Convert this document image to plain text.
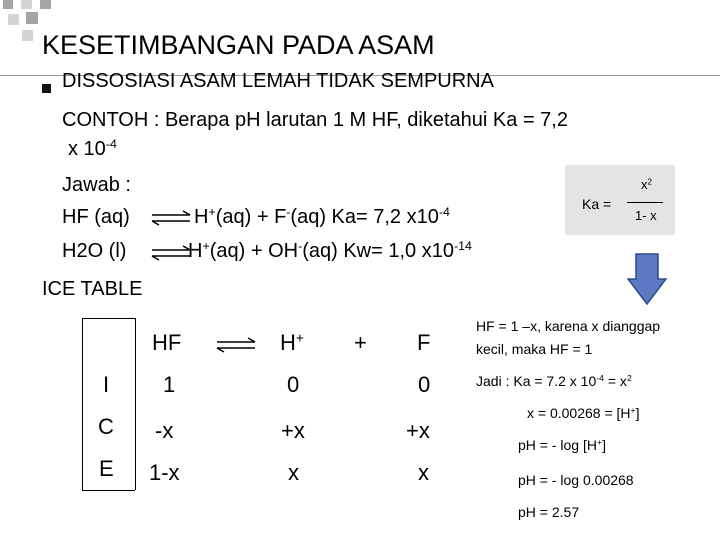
KESETIMBANGAN PADA ASAM
DISSOSIASI ASAM LEMAH TIDAK SEMPURNA
CONTOH : Berapa pH larutan 1 M HF, diketahui Ka = 7,2
x $10^{-4}$
Jawab :
HF (aq) ⇌ H+(aq) + F-(aq) Ka= 7,2 $x10^{-4}$
H2O (l) ⇌
H+(aq) + OH-(aq) Kw= 1,0 $x10^{-14}$
ICE TABLE
Ka =
$x^2$
1- x
HF ⇌ H+ + F
I 1	0	0
C -x	+x	+x
E 1-x	x	x
HF = 1 –x, karena x dianggap
kecil, maka HF = 1
Jadi : Ka = 7.2 x $10^{-4} = x^2$
x = 0.00268 = [H+]
pH = - log [H+]
pH = - log 0.00268
pH = 2.57
